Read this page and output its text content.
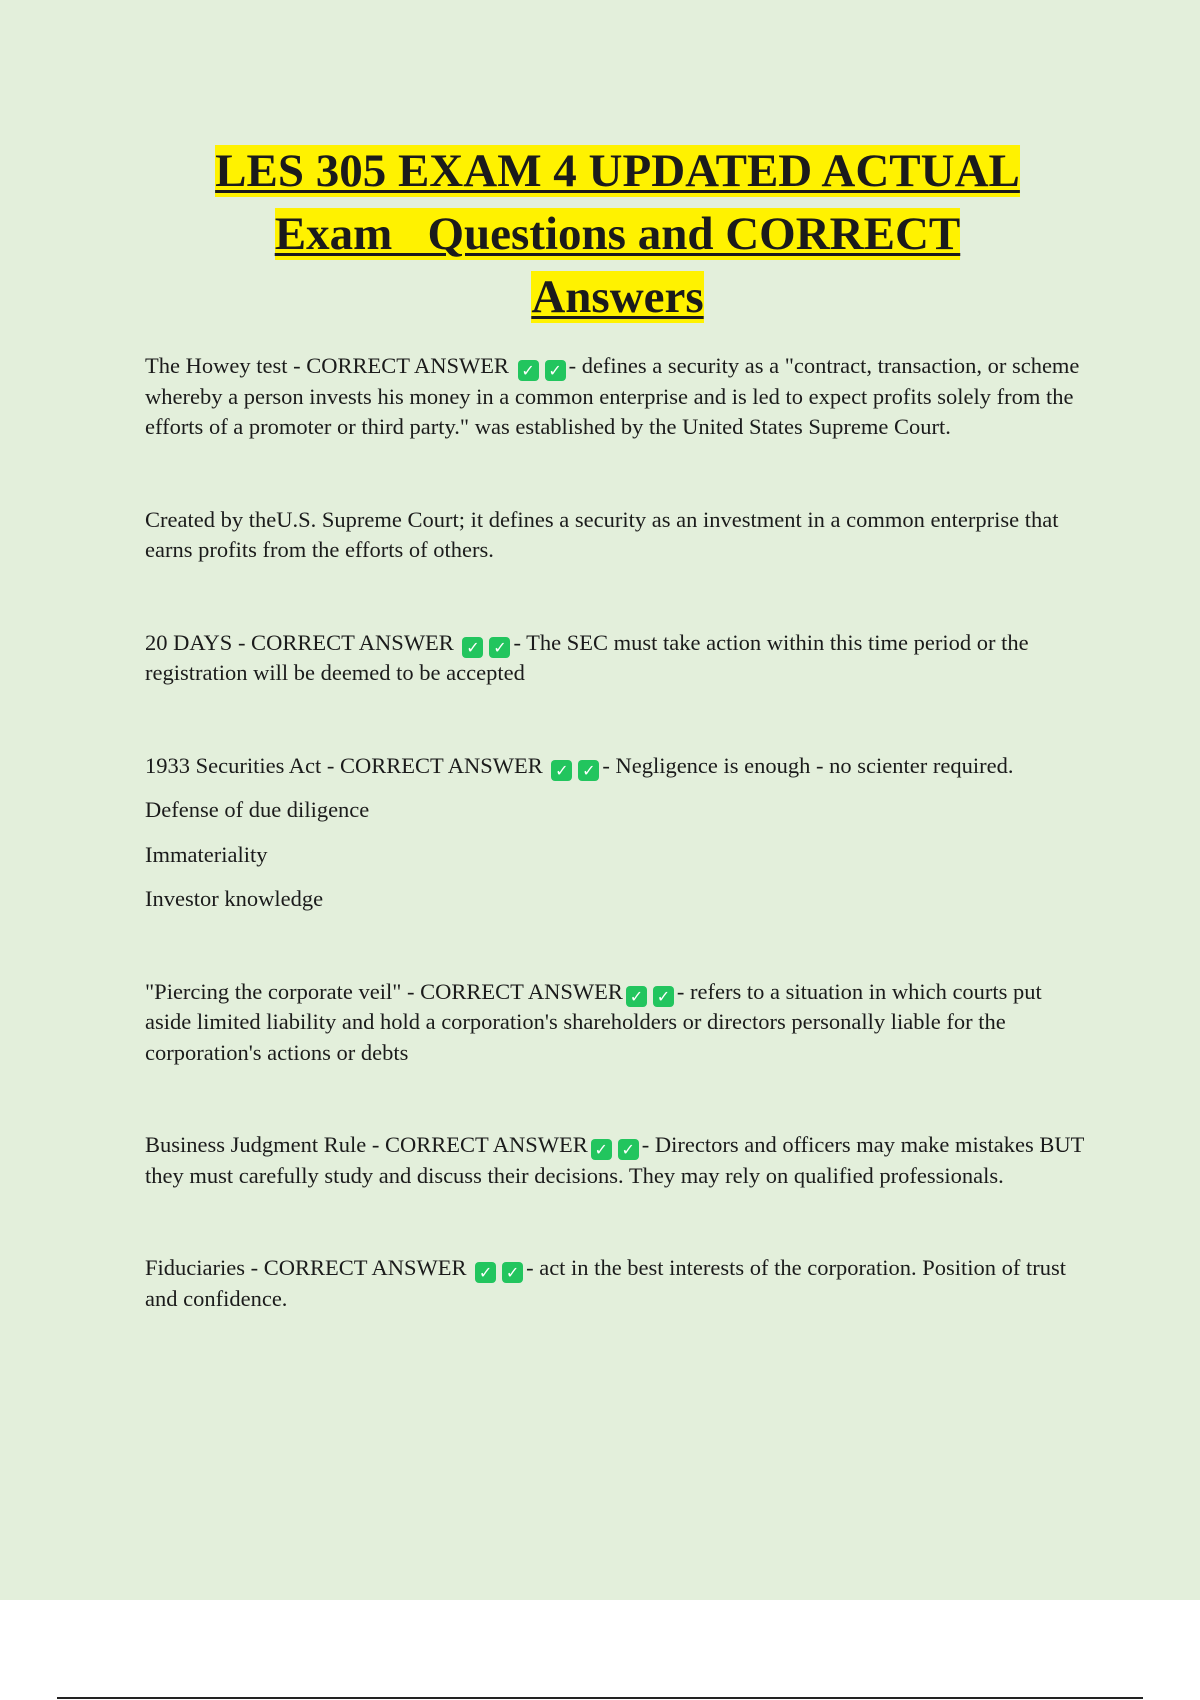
LES 305 EXAM 4 UPDATED ACTUAL
Exam   Questions and CORRECT
Answers

The Howey test - CORRECT ANSWER ✓ ✓ - defines a security as a "contract, transaction, or scheme whereby a person invests his money in a common enterprise and is led to expect profits solely from the efforts of a promoter or third party." was established by the United States Supreme Court.

Created by theU.S. Supreme Court; it defines a security as an investment in a common enterprise that earns profits from the efforts of others.

20 DAYS - CORRECT ANSWER ✓ ✓ - The SEC must take action within this time period or the registration will be deemed to be accepted

1933 Securities Act - CORRECT ANSWER ✓ ✓ - Negligence is enough - no scienter required.

Defense of due diligence

Immateriality

Investor knowledge

"Piercing the corporate veil" - CORRECT ANSWER ✓ ✓ - refers to a situation in which courts put aside limited liability and hold a corporation's shareholders or directors personally liable for the corporation's actions or debts

Business Judgment Rule - CORRECT ANSWER ✓ ✓ - Directors and officers may make mistakes BUT they must carefully study and discuss their decisions. They may rely on qualified professionals.

Fiduciaries - CORRECT ANSWER ✓ ✓ - act in the best interests of the corporation. Position of trust and confidence.
